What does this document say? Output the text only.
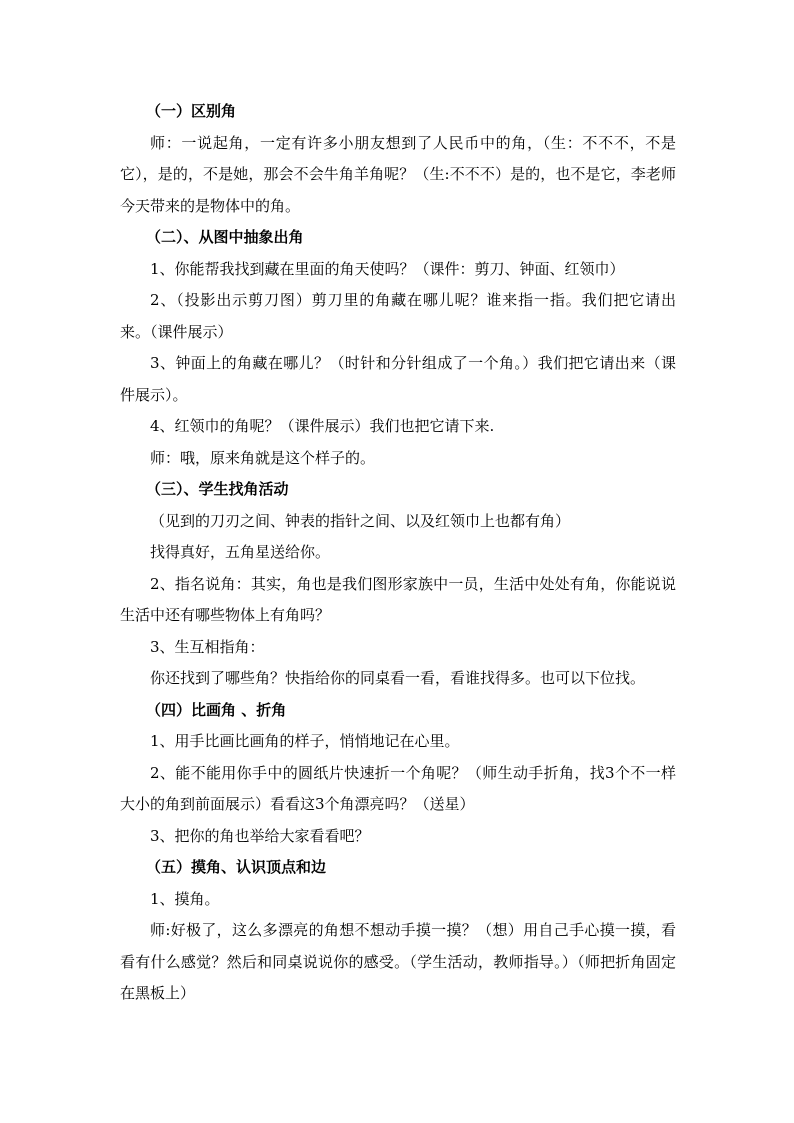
（一）区别角

师：一说起角，一定有许多小朋友想到了人民币中的角，（生：不不不，不是它），是的，不是她，那会不会牛角羊角呢？（生:不不不）是的，也不是它，李老师今天带来的是物体中的角。

（二）、从图中抽象出角

1、你能帮我找到藏在里面的角天使吗？（课件：剪刀、钟面、红领巾）

2、（投影出示剪刀图）剪刀里的角藏在哪儿呢？谁来指一指。我们把它请出来。（课件展示）

3、钟面上的角藏在哪儿？（时针和分针组成了一个角。）我们把它请出来（课件展示）。

4、红领巾的角呢？（课件展示）我们也把它请下来.

师：哦，原来角就是这个样子的。

（三）、学生找角活动

（见到的刀刃之间、钟表的指针之间、以及红领巾上也都有角）

找得真好，五角星送给你。

2、指名说角：其实，角也是我们图形家族中一员，生活中处处有角，你能说说生活中还有哪些物体上有角吗？

3、生互相指角：

你还找到了哪些角？快指给你的同桌看一看，看谁找得多。也可以下位找。

（四）比画角 、折角

1、用手比画比画角的样子，悄悄地记在心里。

2、能不能用你手中的圆纸片快速折一个角呢？（师生动手折角，找3个不一样大小的角到前面展示）看看这3个角漂亮吗？（送星）

3、把你的角也举给大家看看吧？

（五）摸角、认识顶点和边

1、摸角。

师:好极了，这么多漂亮的角想不想动手摸一摸？（想）用自己手心摸一摸，看看有什么感觉？然后和同桌说说你的感受。（学生活动，教师指导。）（师把折角固定在黑板上）
